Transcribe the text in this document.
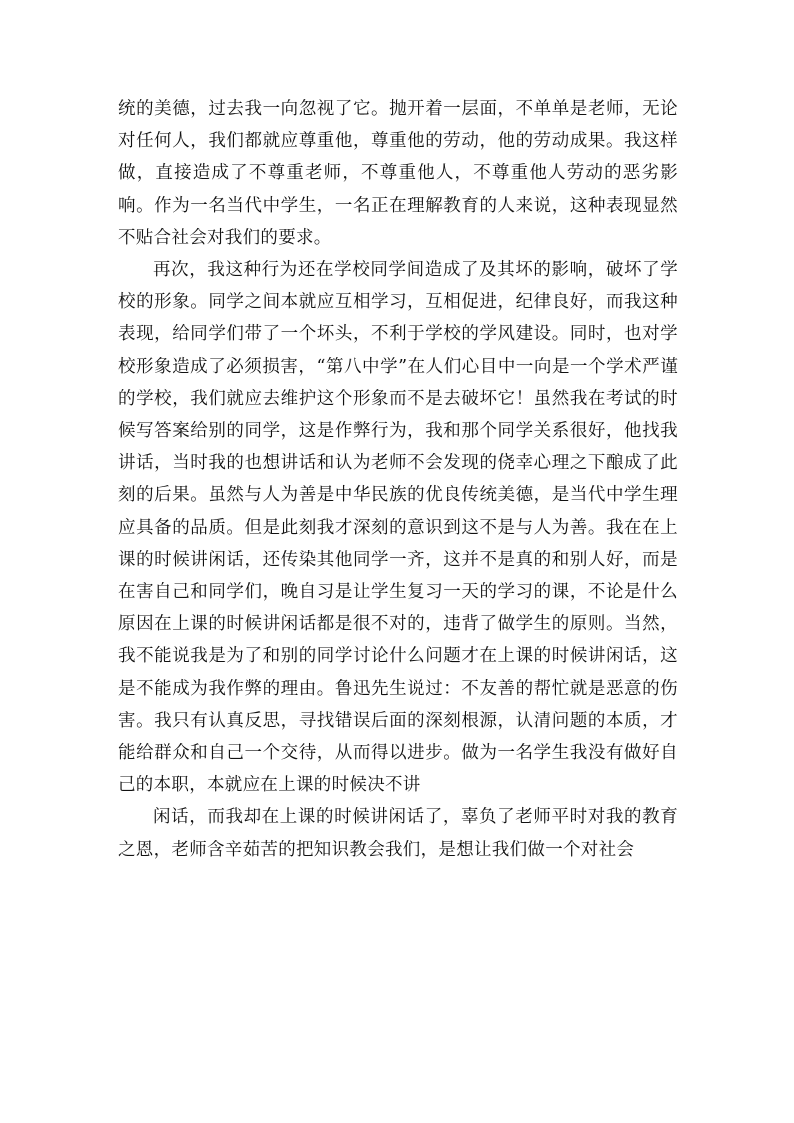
统的美德，过去我一向忽视了它。抛开着一层面，不单单是老师，无论对任何人，我们都就应尊重他，尊重他的劳动，他的劳动成果。我这样做，直接造成了不尊重老师，不尊重他人，不尊重他人劳动的恶劣影响。作为一名当代中学生，一名正在理解教育的人来说，这种表现显然不贴合社会对我们的要求。

再次，我这种行为还在学校同学间造成了及其坏的影响，破坏了学校的形象。同学之间本就应互相学习，互相促进，纪律良好，而我这种表现，给同学们带了一个坏头，不利于学校的学风建设。同时，也对学校形象造成了必须损害，“第八中学”在人们心目中一向是一个学术严谨的学校，我们就应去维护这个形象而不是去破坏它！虽然我在考试的时候写答案给别的同学，这是作弊行为，我和那个同学关系很好，他找我讲话，当时我的也想讲话和认为老师不会发现的侥幸心理之下酿成了此刻的后果。虽然与人为善是中华民族的优良传统美德，是当代中学生理应具备的品质。但是此刻我才深刻的意识到这不是与人为善。我在在上课的时候讲闲话，还传染其他同学一齐，这并不是真的和别人好，而是在害自己和同学们，晚自习是让学生复习一天的学习的课，不论是什么原因在上课的时候讲闲话都是很不对的，违背了做学生的原则。当然，我不能说我是为了和别的同学讨论什么问题才在上课的时候讲闲话，这是不能成为我作弊的理由。鲁迅先生说过：不友善的帮忙就是恶意的伤害。我只有认真反思，寻找错误后面的深刻根源，认清问题的本质，才能给群众和自己一个交待，从而得以进步。做为一名学生我没有做好自己的本职，本就应在上课的时候决不讲

闲话，而我却在上课的时候讲闲话了，辜负了老师平时对我的教育之恩，老师含辛茹苦的把知识教会我们，是想让我们做一个对社会
